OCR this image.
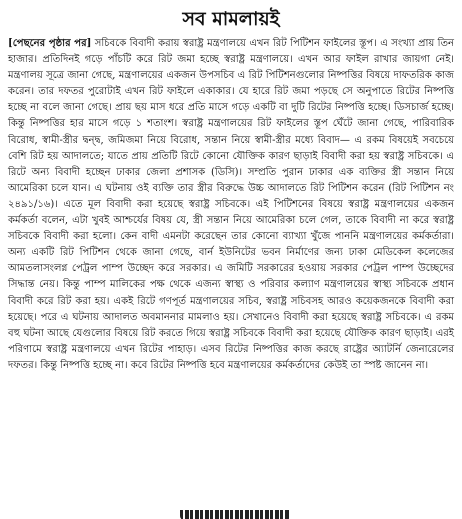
সব মামলায়ই

[পেছনের পৃষ্ঠার পর] সচিবকে বিবাদী করায় স্বরাষ্ট্র মন্ত্রণালয়ে এখন রিট পিটিশন ফাইলের স্তূপ। এ সংখ্যা প্রায় তিন হাজার। প্রতিদিনই গড়ে পাঁচটি করে রিট জমা হচ্ছে স্বরাষ্ট্র মন্ত্রণালয়ে। এখন আর ফাইল রাখার জায়গা নেই। মন্ত্রণালয় সূত্রে জানা গেছে, মন্ত্রণালয়ের একজন উপসচিব এ রিট পিটিশনগুলোর নিষ্পত্তির বিষয়ে দাফতরিক কাজ করেন। তার দফতর পুরোটাই এখন রিট ফাইলে একাকার। যে হারে রিট জমা পড়ছে সে অনুপাতে রিটের নিষ্পত্তি হচ্ছে না বলে জানা গেছে। প্রায় ছয় মাস ধরে প্রতি মাসে গড়ে একটি বা দুটি রিটের নিষ্পত্তি হচ্ছে। ডিসচার্জ হচ্ছে। কিন্তু নিষ্পত্তির হার মাসে গড়ে ১ শতাংশ। স্বরাষ্ট্র মন্ত্রণালয়ের রিট ফাইলের স্তূপ ঘেঁটে জানা গেছে, পারিবারিক বিরোধ, স্বামী-স্ত্রীর দ্বন্দ্ব, জমিজমা নিয়ে বিরোধ, সন্তান নিয়ে স্বামী-স্ত্রীর মধ্যে বিবাদ— এ রকম বিষয়েই সবচেয়ে বেশি রিট হয় আদালতে; যাতে প্রায় প্রতিটি রিটে কোনো যৌক্তিক কারণ ছাড়াই বিবাদী করা হয় স্বরাষ্ট্র সচিবকে। এ রিটে অন্য বিবাদী হচ্ছেন ঢাকার জেলা প্রশাসক (ডিসি)। সম্প্রতি পুরান ঢাকার এক ব্যক্তির স্ত্রী সন্তান নিয়ে আমেরিকা চলে যান। এ ঘটনায় ওই ব্যক্তি তার স্ত্রীর বিরুদ্ধে উচ্চ আদালতে রিট পিটিশন করেন (রিট পিটিশন নং ২৪৯১/১৬)। এতে মূল বিবাদী করা হয়েছে স্বরাষ্ট্র সচিবকে। এই পিটিশনের বিষয়ে স্বরাষ্ট্র মন্ত্রণালয়ের একজন কর্মকর্তা বলেন, এটা খুবই আশ্চর্যের বিষয় যে, স্ত্রী সন্তান নিয়ে আমেরিকা চলে গেল, তাকে বিবাদী না করে স্বরাষ্ট্র সচিবকে বিবাদী করা হলো। কেন বাদী এমনটা করেছেন তার কোনো ব্যাখ্যা খুঁজে পাননি মন্ত্রণালয়ের কর্মকর্তারা। অন্য একটি রিট পিটিশন থেকে জানা গেছে, বার্ন ইউনিটের ভবন নির্মাণের জন্য ঢাকা মেডিকেল কলেজের আমতলাসংলগ্ন পেট্রল পাম্প উচ্ছেদ করে সরকার। এ জমিটি সরকারের হওয়ায় সরকার পেট্রল পাম্প উচ্ছেদের সিদ্ধান্ত নেয়। কিন্তু পাম্প মালিকের পক্ষ থেকে এজন্য স্বাস্থ্য ও পরিবার কল্যাণ মন্ত্রণালয়ের স্বাস্থ্য সচিবকে প্রধান বিবাদী করে রিট করা হয়। একই রিটে গণপূর্ত মন্ত্রণালয়ের সচিব, স্বরাষ্ট্র সচিবসহ আরও কয়েকজনকে বিবাদী করা হয়েছে। পরে এ ঘটনায় আদালত অবমাননার মামলাও হয়। সেখানেও বিবাদী করা হয়েছে স্বরাষ্ট্র সচিবকে। এ রকম বহু ঘটনা আছে যেগুলোর বিষয়ে রিট করতে গিয়ে স্বরাষ্ট্র সচিবকে বিবাদী করা হয়েছে যৌক্তিক কারণ ছাড়াই। এরই পরিণামে স্বরাষ্ট্র মন্ত্রণালয়ে এখন রিটের পাহাড়। এসব রিটের নিষ্পত্তির কাজ করছে রাষ্ট্রের অ্যাটর্নি জেনারেলের দফতর। কিন্তু নিষ্পত্তি হচ্ছে না। কবে রিটের নিষ্পত্তি হবে মন্ত্রণালয়ের কর্মকর্তাদের কেউই তা স্পষ্ট জানেন না।
